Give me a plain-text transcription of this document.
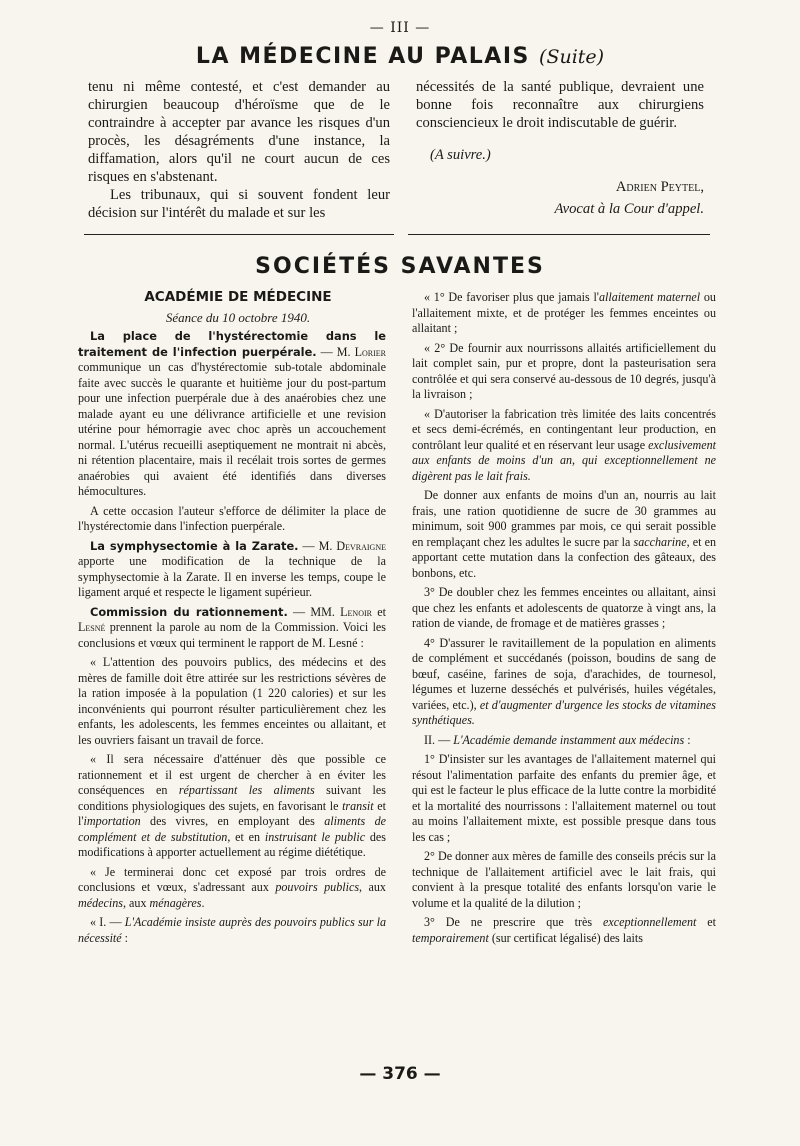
— III —
LA MÉDECINE AU PALAIS (Suite)

tenu ni même contesté, et c'est demander au chirurgien beaucoup d'héroïsme que de le contraindre à accepter par avance les risques d'un procès, les désagréments d'une instance, la diffamation, alors qu'il ne court aucun de ces risques en s'abstenant.

Les tribunaux, qui si souvent fondent leur décision sur l'intérêt du malade et sur les

nécessités de la santé publique, devraient une bonne fois reconnaître aux chirurgiens consciencieux le droit indiscutable de guérir.

(A suivre.)
Adrien Peytel,
Avocat à la Cour d'appel.
SOCIÉTÉS SAVANTES

ACADÉMIE DE MÉDECINE

Séance du 10 octobre 1940.

La place de l'hystérectomie dans le traitement de l'infection puerpérale. — M. Lorier communique un cas d'hystérectomie sub-totale abdominale faite avec succès le quarante et huitième jour du post-partum pour une infection puerpérale due à des anaérobies chez une malade ayant eu une délivrance artificielle et une revision utérine pour hémorragie avec choc après un accouchement normal. L'utérus recueilli aseptiquement ne montrait ni abcès, ni rétention placentaire, mais il recélait trois sortes de germes anaérobies qui avaient été identifiés dans diverses hémocultures.

A cette occasion l'auteur s'efforce de délimiter la place de l'hystérectomie dans l'infection puerpérale.

La symphysectomie à la Zarate. — M. Devraigne apporte une modification de la technique de la symphysectomie à la Zarate. Il en inverse les temps, coupe le ligament arqué et respecte le ligament supérieur.

Commission du rationnement. — MM. Lenoir et Lesné prennent la parole au nom de la Commission. Voici les conclusions et vœux qui terminent le rapport de M. Lesné :

« L'attention des pouvoirs publics, des médecins et des mères de famille doit être attirée sur les restrictions sévères de la ration imposée à la population (1 220 calories) et sur les inconvénients qui pourront résulter particulièrement chez les enfants, les adolescents, les femmes enceintes ou allaitant, et les ouvriers faisant un travail de force.

« Il sera nécessaire d'atténuer dès que possible ce rationnement et il est urgent de chercher à en éviter les conséquences en répartissant les aliments suivant les conditions physiologiques des sujets, en favorisant le transit et l'importation des vivres, en employant des aliments de complément et de substitution, et en instruisant le public des modifications à apporter actuellement au régime diététique.

« Je terminerai donc cet exposé par trois ordres de conclusions et vœux, s'adressant aux pouvoirs publics, aux médecins, aux ménagères.

« I. — L'Académie insiste auprès des pouvoirs publics sur la nécessité :

« 1° De favoriser plus que jamais l'allaitement maternel ou l'allaitement mixte, et de protéger les femmes enceintes ou allaitant ;

« 2° De fournir aux nourrissons allaités artificiellement du lait complet sain, pur et propre, dont la pasteurisation sera contrôlée et qui sera conservé au-dessous de 10 degrés, jusqu'à la livraison ;

« D'autoriser la fabrication très limitée des laits concentrés et secs demi-écrémés, en contingentant leur production, en contrôlant leur qualité et en réservant leur usage exclusivement aux enfants de moins d'un an, qui exceptionnellement ne digèrent pas le lait frais.

De donner aux enfants de moins d'un an, nourris au lait frais, une ration quotidienne de sucre de 30 grammes au minimum, soit 900 grammes par mois, ce qui serait possible en remplaçant chez les adultes le sucre par la saccharine, et en apportant cette mutation dans la confection des gâteaux, des bonbons, etc.

3° De doubler chez les femmes enceintes ou allaitant, ainsi que chez les enfants et adolescents de quatorze à vingt ans, la ration de viande, de fromage et de matières grasses ;

4° D'assurer le ravitaillement de la population en aliments de complément et succédanés (poisson, boudins de sang de bœuf, caséine, farines de soja, d'arachides, de tournesol, légumes et luzerne desséchés et pulvérisés, huiles végétales, variées, etc.), et d'augmenter d'urgence les stocks de vitamines synthétiques.

II. — L'Académie demande instamment aux médecins :

1° D'insister sur les avantages de l'allaitement maternel qui résout l'alimentation parfaite des enfants du premier âge, et qui est le facteur le plus efficace de la lutte contre la morbidité et la mortalité des nourrissons : l'allaitement maternel ou tout au moins l'allaitement mixte, est possible presque dans tous les cas ;

2° De donner aux mères de famille des conseils précis sur la technique de l'allaitement artificiel avec le lait frais, qui convient à la presque totalité des enfants lorsqu'on varie le volume et la qualité de la dilution ;

3° De ne prescrire que très exceptionnellement et temporairement (sur certificat légalisé) des laits

— 376 —
